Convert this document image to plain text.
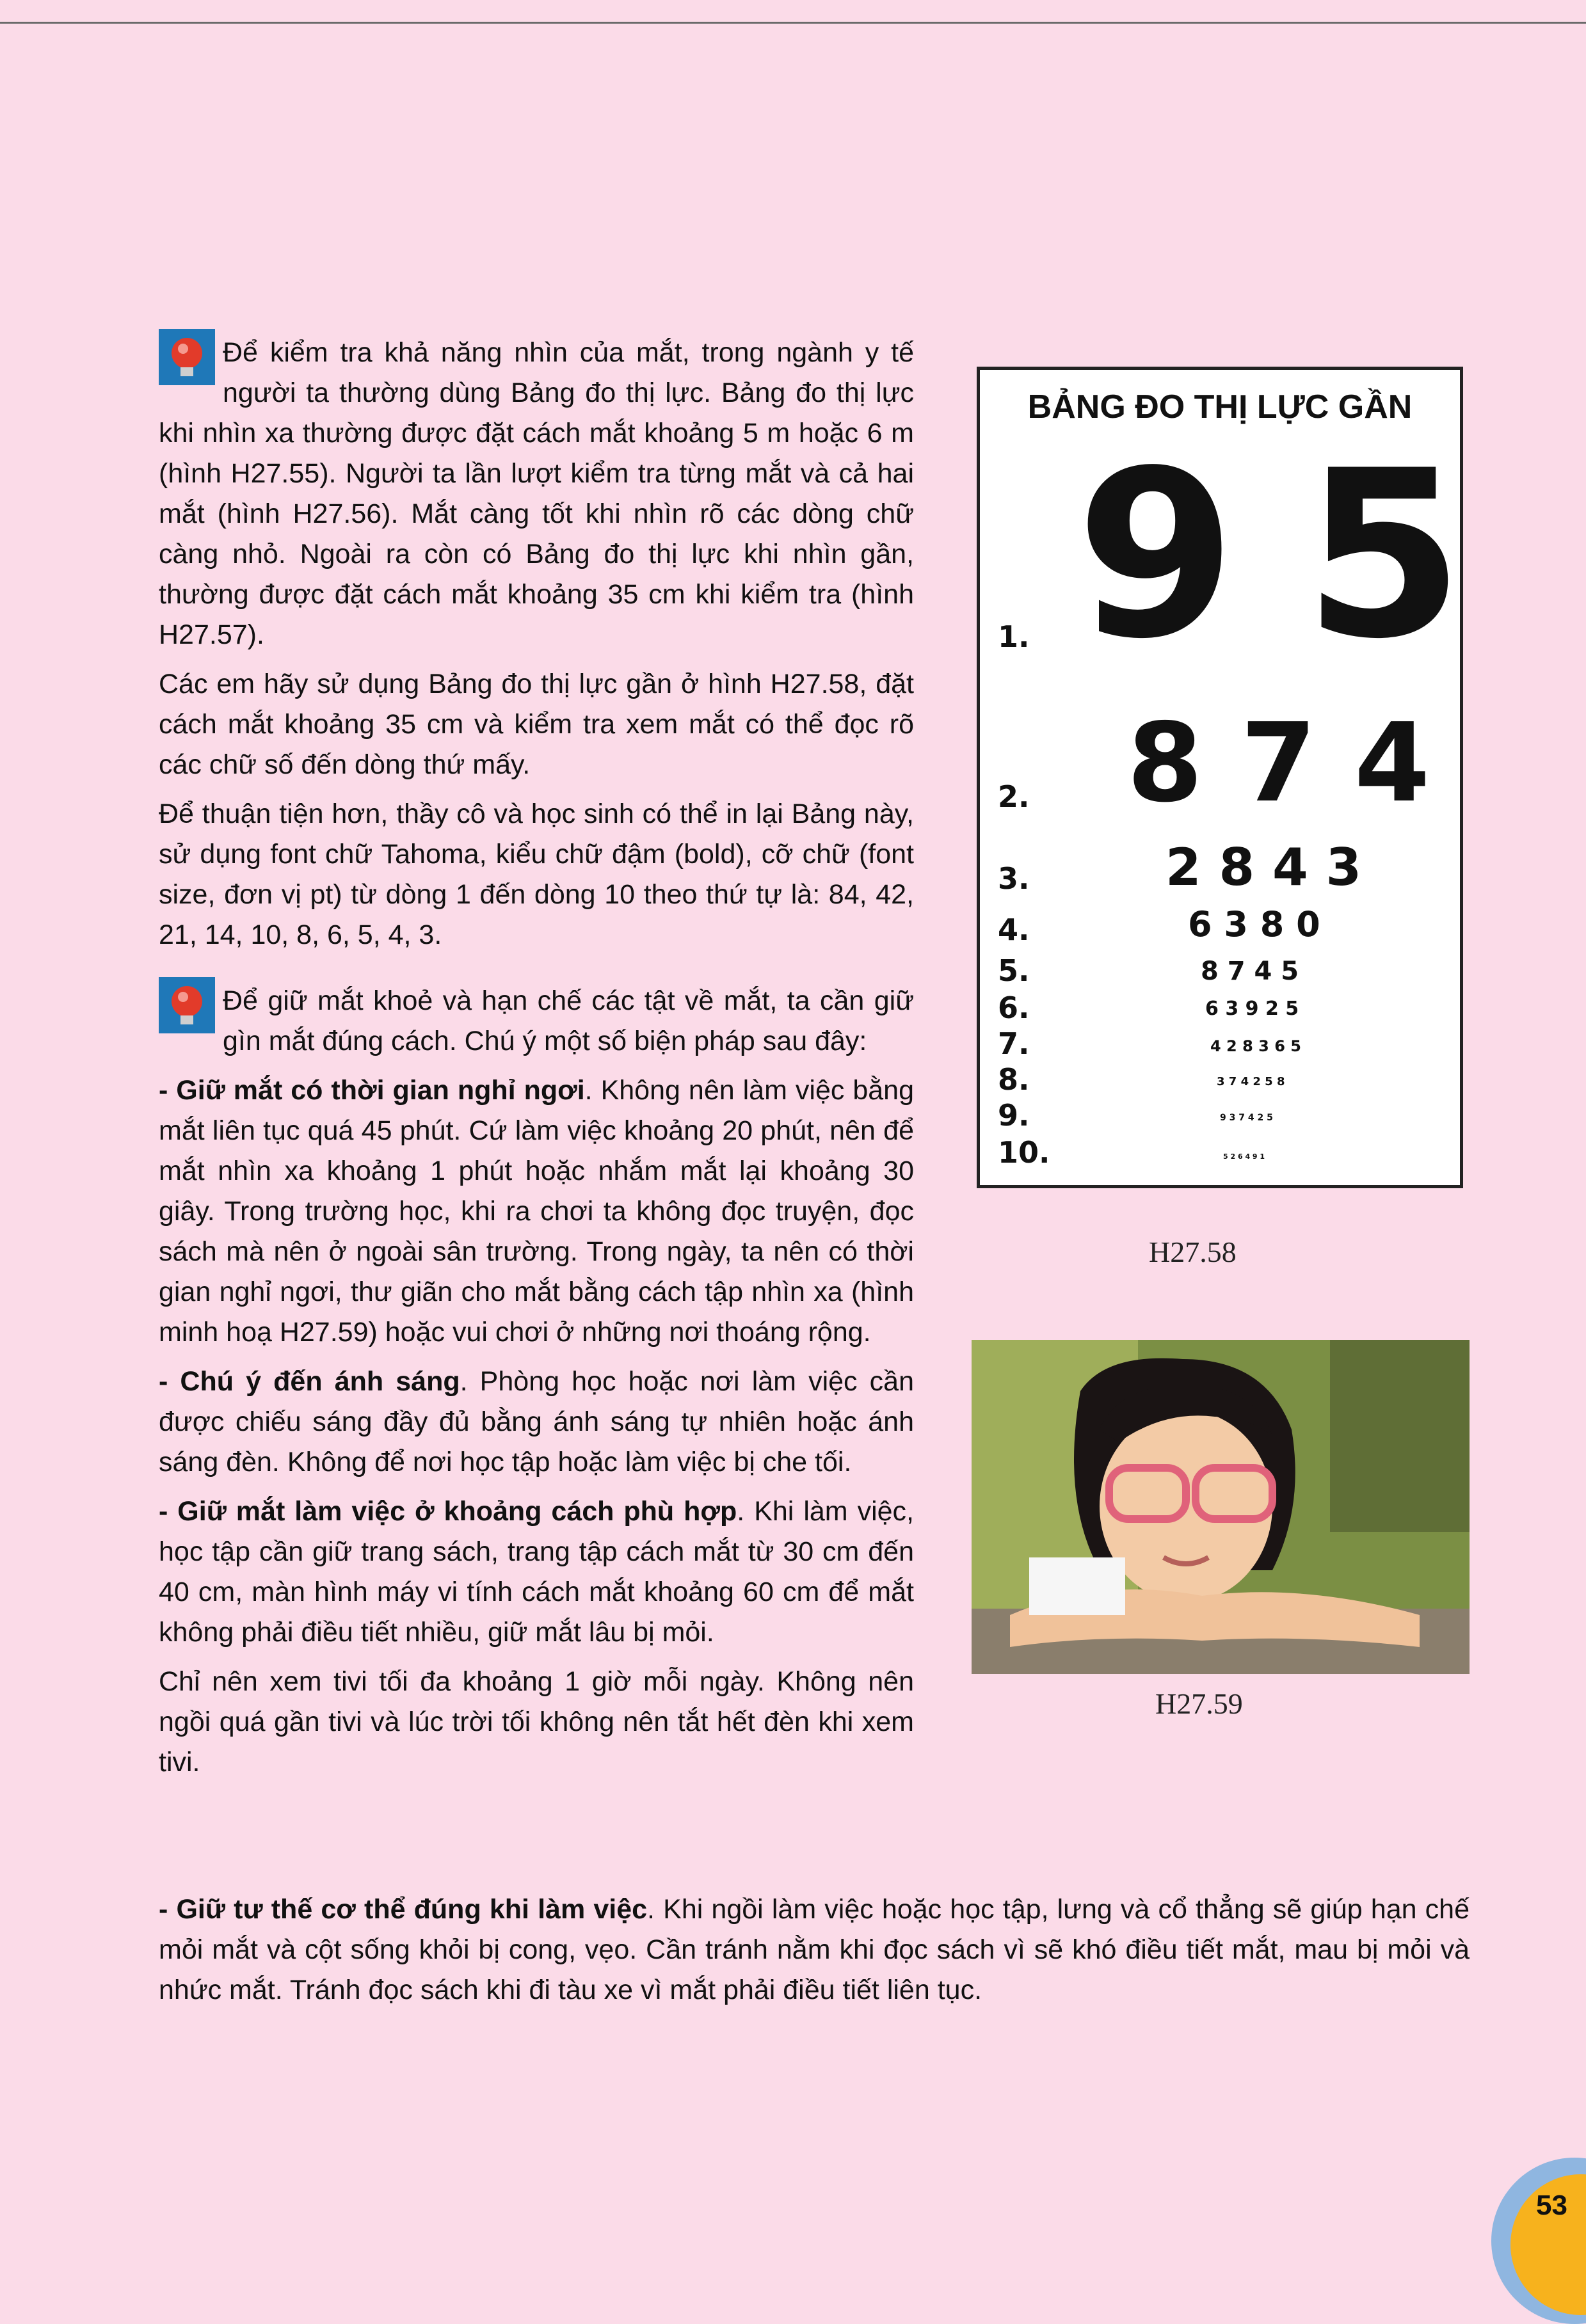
Để kiểm tra khả năng nhìn của mắt, trong ngành y tế người ta thường dùng Bảng đo thị lực. Bảng đo thị lực khi nhìn xa thường được đặt cách mắt khoảng 5 m hoặc 6 m (hình H27.55). Người ta lần lượt kiểm tra từng mắt và cả hai mắt (hình H27.56). Mắt càng tốt khi nhìn rõ các dòng chữ càng nhỏ. Ngoài ra còn có Bảng đo thị lực khi nhìn gần, thường được đặt cách mắt khoảng 35 cm khi kiểm tra (hình H27.57).

Các em hãy sử dụng Bảng đo thị lực gần ở hình H27.58, đặt cách mắt khoảng 35 cm và kiểm tra xem mắt có thể đọc rõ các chữ số đến dòng thứ mấy.

Để thuận tiện hơn, thầy cô và học sinh có thể in lại Bảng này, sử dụng font chữ Tahoma, kiểu chữ đậm (bold), cỡ chữ (font size, đơn vị pt) từ dòng 1 đến dòng 10 theo thứ tự là: 84, 42, 21, 14, 10, 8, 6, 5, 4, 3.

Để giữ mắt khoẻ và hạn chế các tật về mắt, ta cần giữ gìn mắt đúng cách. Chú ý một số biện pháp sau đây:

- Giữ mắt có thời gian nghỉ ngơi. Không nên làm việc bằng mắt liên tục quá 45 phút. Cứ làm việc khoảng 20 phút, nên để mắt nhìn xa khoảng 1 phút hoặc nhắm mắt lại khoảng 30 giây. Trong trường học, khi ra chơi ta không đọc truyện, đọc sách mà nên ở ngoài sân trường. Trong ngày, ta nên có thời gian nghỉ ngơi, thư giãn cho mắt bằng cách tập nhìn xa (hình minh hoạ H27.59) hoặc vui chơi ở những nơi thoáng rộng.

- Chú ý đến ánh sáng. Phòng học hoặc nơi làm việc cần được chiếu sáng đầy đủ bằng ánh sáng tự nhiên hoặc ánh sáng đèn. Không để nơi học tập hoặc làm việc bị che tối.

- Giữ mắt làm việc ở khoảng cách phù hợp. Khi làm việc, học tập cần giữ trang sách, trang tập cách mắt từ 30 cm đến 40 cm, màn hình máy vi tính cách mắt khoảng 60 cm để mắt không phải điều tiết nhiều, giữ mắt lâu bị mỏi.

Chỉ nên xem tivi tối đa khoảng 1 giờ mỗi ngày. Không nên ngồi quá gần tivi và lúc trời tối không nên tắt hết đèn khi xem tivi.

- Giữ tư thế cơ thể đúng khi làm việc. Khi ngồi làm việc hoặc học tập, lưng và cổ thẳng sẽ giúp hạn chế mỏi mắt và cột sống khỏi bị cong, vẹo. Cần tránh nằm khi đọc sách vì sẽ khó điều tiết mắt, mau bị mỏi và nhức mắt. Tránh đọc sách khi đi tàu xe vì mắt phải điều tiết liên tục.

BẢNG ĐO THỊ LỰC GẦN
1. 9 5
2. 8 7 4
3.	2 8 4 3
4.	6 3 8 0
5.	8 7 4 5
6.	6 3 9 2 5
7.	4 2 8 3 6 5
8.	3 7 4 2 5 8
9.	9 3 7 4 2 5
10.	5 2 6 4 9 1
H27.58
H27.59
53
